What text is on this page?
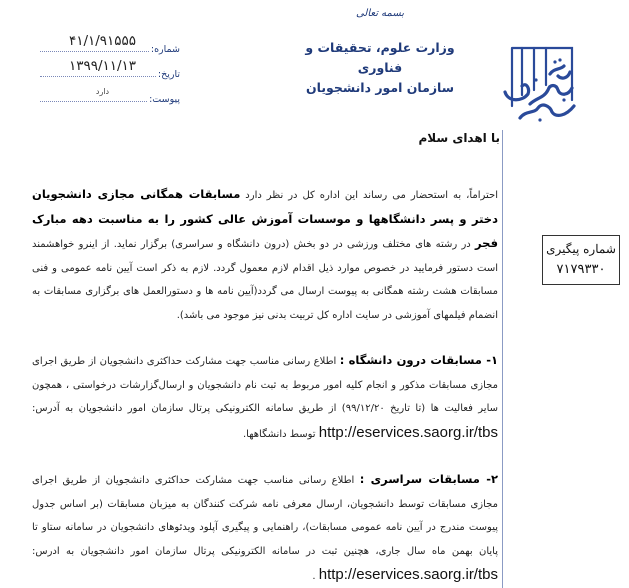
بسمه تعالی
وزارت علوم، تحقیقات و فناوری
سازمان امور دانشجویان
شماره:
۴۱/۱/۹۱۵۵۵
تاریخ:
۱۳۹۹/۱۱/۱۳
پیوست:
دارد
با اهدای سلام
شماره پیگیری
۷۱۷۹۳۳۰

احتراماً، به استحضار می رساند این اداره کل در نظر دارد مسابقات همگانی مجازی دانشجویان دختر و پسر دانشگاهها و موسسات آموزش عالی کشور را به مناسبت دهه مبارک فجر در رشته های مختلف ورزشی در دو بخش (درون دانشگاه و سراسری) برگزار نماید. از اینرو خواهشمند است دستور فرمایید در خصوص موارد ذیل اقدام لازم معمول گردد. لازم به ذکر است آیین نامه عمومی و فنی مسابقات هشت رشته همگانی به پیوست ارسال می گردد(آیین نامه ها و دستورالعمل های برگزاری مسابقات به انضمام فیلمهای آموزشی در سایت اداره کل تربیت بدنی نیز موجود می باشد).

۱- مسابقات درون دانشگاه : اطلاع رسانی مناسب جهت مشارکت حداکثری دانشجویان از طریق اجرای مجازی مسابقات مذکور و انجام کلیه امور مربوط به ثبت نام دانشجویان و ارسال‌گزارشات درخواستی ، همچون سایر فعالیت ها (تا تاریخ ۹۹/۱۲/۲۰) از طریق سامانه الکترونیکی پرتال سازمان امور دانشجویان به آدرس: http://eservices.saorg.ir/tbs توسط دانشگاهها.

۲- مسابقات سراسری : اطلاع رسانی مناسب جهت مشارکت حداکثری دانشجویان از طریق اجرای مجازی مسابقات توسط دانشجویان، ارسال معرفی نامه شرکت کنندگان به میزبان مسابقات (بر اساس جدول پیوست مندرج در آیین نامه عمومی مسابقات)، راهنمایی و پیگیری آپلود ویدئوهای دانشجویان در سامانه ستاو تا پایان بهمن ماه سال جاری، هچنین ثبت در سامانه الکترونیکی پرتال سازمان امور دانشجویان به ادرس: http://eservices.saorg.ir/tbs .
